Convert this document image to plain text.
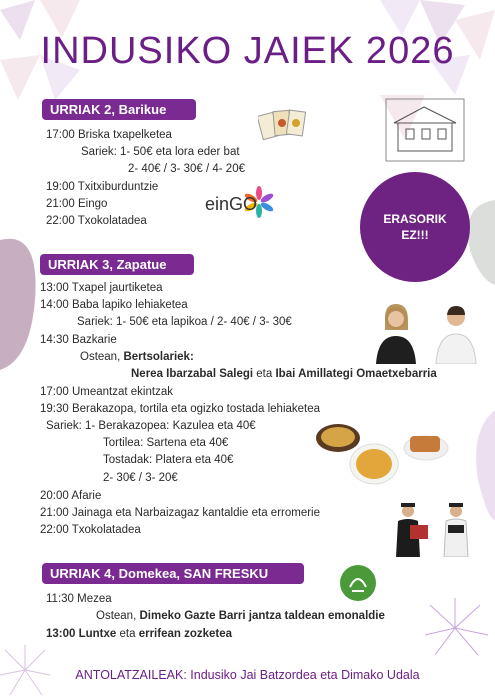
INDUSIKO JAIEK 2026
URRIAK 2, Barikue
17:00 Briska txapelketea
Sariek: 1- 50€ eta lora eder bat
2- 40€ / 3- 30€ / 4- 20€
19:00 Txitxiburduntzie
21:00 Eingo
22:00 Txokolatadea
einGO
ERASORIK
EZ!!!
URRIAK 3, Zapatue
13:00 Txapel jaurtiketea
14:00 Baba lapiko lehiaketea
Sariek: 1- 50€ eta lapikoa / 2- 40€ / 3- 30€
14:30 Bazkarie
Ostean, Bertsolariek:
Nerea Ibarzabal Salegi eta Ibai Amillategi Omaetxebarria
17:00 Umeantzat ekintzak
19:30 Berakazopa, tortila eta ogizko tostada lehiaketea
Sariek: 1- Berakazopea: Kazulea eta 40€
Tortilea: Sartena eta 40€
Tostadak: Platera eta 40€
2- 30€ / 3- 20€
20:00 Afarie
21:00 Jainaga eta Narbaizagaz kantaldie eta erromerie
22:00 Txokolatadea
URRIAK 4, Domekea, SAN FRESKU
11:30 Mezea
Ostean, Dimeko Gazte Barri jantza taldean emonaldie
13:00 Luntxe eta errifean zozketea
ANTOLATZAILEAK: Indusiko Jai Batzordea eta Dimako Udala
